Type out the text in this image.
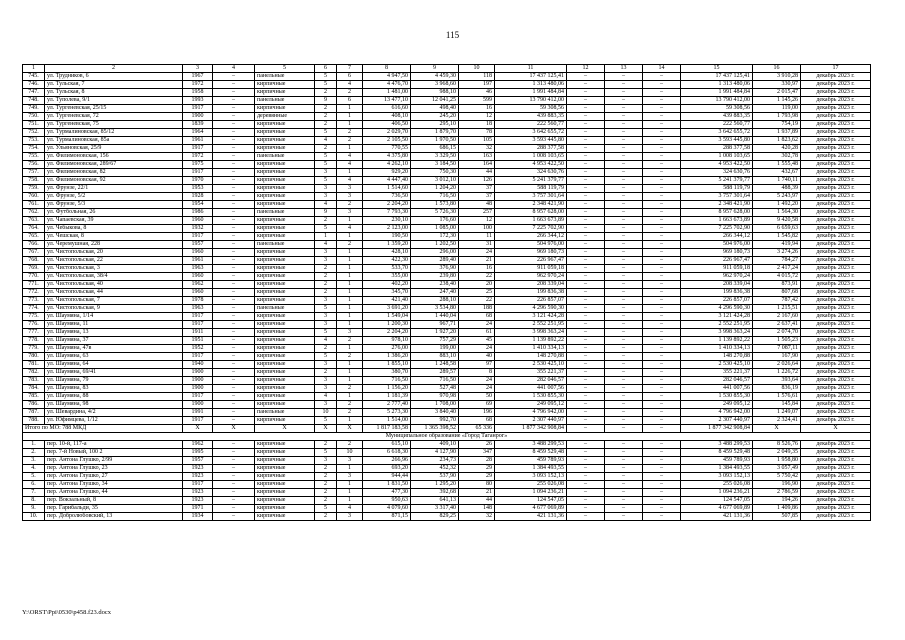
115
1	2	3	4	5	6	7	8	9	10	11	12	13	14	15	16	17
745.	ул. Трудников, 6	1967	–	панельные	5	6	4 947,50	4 459,30	118	17 437 125,41	–	–	–	17 437 125,41	3 910,28	декабрь 2023 г.
746.	ул. Тульская, 7	1972	–	кирпичные	5	4	4 476,70	3 968,60	197	1 313 480,06	–	–	–	1 313 480,06	330,97	декабрь 2023 г.
747.	ул. Тульская, 8	1958	–	кирпичные	2	2	1 481,00	988,10	46	1 991 484,84	–	–	–	1 991 484,84	2 015,47	декабрь 2023 г.
748.	ул. Туполева, 9/1	1993	–	панельные	9	6	13 477,10	12 041,25	599	13 790 412,00	–	–	–	13 790 412,00	1 145,26	декабрь 2023 г.
749.	ул. Тургеневская, 25/15	1917	–	кирпичные	2	1	616,60	498,40	16	59 308,56	–	–	–	59 308,56	119,00	декабрь 2023 г.
750.	ул. Тургеневская, 72	1900	–	деревянные	2	1	408,10	245,20	12	439 883,35	–	–	–	439 883,35	1 793,98	декабрь 2023 г.
751.	ул. Тургеневская, 75	1839	–	кирпичные	2	1	406,50	295,10	18	222 560,77	–	–	–	222 560,77	754,19	декабрь 2023 г.
752.	ул. Турмалиновская, 85/12	1964	–	кирпичные	5	2	2 029,70	1 879,70	78	3 642 655,72	–	–	–	3 642 655,72	1 937,89	декабрь 2023 г.
753.	ул. Турмалиновская, 85а	1961	–	кирпичные	4	2	2 105,50	1 970,50	105	3 593 445,80	–	–	–	3 593 445,80	1 823,62	декабрь 2023 г.
754.	ул. Ульяновская, 25/9	1917	–	кирпичные	2	1	770,55	686,15	32	288 377,58	–	–	–	288 377,58	420,28	декабрь 2023 г.
755.	ул. Филимоновская, 156	1972	–	панельные	5	4	4 375,80	3 329,50	163	1 008 103,65	–	–	–	1 008 103,65	302,78	декабрь 2023 г.
756.	ул. Филимоновская, 289/67	1975	–	кирпичные	5	4	4 262,10	3 184,50	164	4 953 422,50	–	–	–	4 953 422,50	1 555,48	декабрь 2023 г.
757.	ул. Филимоновская, 82	1917	–	кирпичные	3	1	929,20	750,30	44	324 630,76	–	–	–	324 630,76	432,67	декабрь 2023 г.
758.	ул. Филимоновская, 92	1970	–	кирпичные	5	4	4 447,40	3 012,10	126	5 241 379,77	–	–	–	5 241 379,77	1 740,11	декабрь 2023 г.
759.	ул. Фрунзе, 22/1	1953	–	кирпичные	3	3	1 514,60	1 204,20	37	588 119,79	–	–	–	588 119,79	488,39	декабрь 2023 г.
760.	ул. Фрунзе, 5/2	1928	–	кирпичные	3	3	736,50	716,50	37	3 757 301,64	–	–	–	3 757 301,64	5 243,97	декабрь 2023 г.
761.	ул. Фрунзе, 5/3	1954	–	кирпичные	4	2	2 204,20	1 573,80	48	2 348 421,90	–	–	–	2 348 421,90	1 492,20	декабрь 2023 г.
762.	ул. Футбольная, 26	1986	–	панельные	9	3	7 793,30	5 726,30	257	8 957 628,00	–	–	–	8 957 628,00	1 564,30	декабрь 2023 г.
763.	ул. Чапаевская, 39	1960	–	кирпичные	2	1	230,10	176,60	12	1 663 673,89	–	–	–	1 663 673,89	9 420,58	декабрь 2023 г.
764.	ул. Чебыкова, 8	1932	–	кирпичные	5	4	2 123,00	1 085,00	100	7 225 702,90	–	–	–	7 225 702,90	6 659,63	декабрь 2023 г.
765.	ул. Чешская, 8	1917	–	кирпичные	1	1	190,50	172,30	11	266 344,12	–	–	–	266 344,12	1 545,82	декабрь 2023 г.
766.	ул. Черемушная, 228	1957	–	панельные	4	2	1 359,20	1 202,50	31	504 976,00	–	–	–	504 976,00	419,94	декабрь 2023 г.
767.	ул. Чистопольская, 20	1960	–	кирпичные	3	1	428,10	296,00	24	969 180,73	–	–	–	969 180,73	3 274,26	декабрь 2023 г.
768.	ул. Чистопольская, 22	1961	–	кирпичные	3	1	422,30	289,40	21	226 967,47	–	–	–	226 967,47	784,27	декабрь 2023 г.
769.	ул. Чистопольская, 3	1963	–	кирпичные	2	1	533,70	376,90	16	911 059,18	–	–	–	911 059,18	2 417,24	декабрь 2023 г.
770.	ул. Чистопольская, 38/4	1960	–	кирпичные	2	1	355,00	239,80	22	962 970,24	–	–	–	962 970,24	4 015,72	декабрь 2023 г.
771.	ул. Чистопольская, 40	1962	–	кирпичные	2	1	402,20	238,40	20	208 339,04	–	–	–	208 339,04	873,91	декабрь 2023 г.
772.	ул. Чистопольская, 44	1960	–	кирпичные	2	1	345,70	247,40	25	199 836,38	–	–	–	199 836,38	807,68	декабрь 2023 г.
773.	ул. Чистопольская, 7	1978	–	кирпичные	3	1	421,40	288,10	22	226 857,07	–	–	–	226 857,07	787,42	декабрь 2023 г.
774.	ул. Чистопольская, 9	1963	–	панельные	5	1	3 691,20	3 534,80	188	4 296 590,30	–	–	–	4 296 590,30	1 215,51	декабрь 2023 г.
775.	ул. Шаумяна, 1/14	1917	–	кирпичные	3	1	1 549,04	1 440,04	68	3 121 424,28	–	–	–	3 121 424,28	2 167,60	декабрь 2023 г.
776.	ул. Шаумяна, 11	1917	–	кирпичные	3	1	1 200,30	967,71	24	2 552 251,95	–	–	–	2 552 251,95	2 637,41	декабрь 2023 г.
777.	ул. Шаумяна, 13	1911	–	кирпичные	5	3	2 204,20	1 927,20	61	3 998 363,24	–	–	–	3 998 363,24	2 074,70	декабрь 2023 г.
778.	ул. Шаумяна, 37	1951	–	кирпичные	4	2	978,10	757,29	45	1 139 892,22	–	–	–	1 139 892,22	1 505,23	декабрь 2023 г.
779.	ул. Шаумяна, 47в	1952	–	кирпичные	2	1	276,00	199,00	24	1 410 334,13	–	–	–	1 410 334,13	7 087,11	декабрь 2023 г.
780.	ул. Шаумяна, 63	1917	–	кирпичные	5	2	1 386,20	883,10	40	148 270,88	–	–	–	148 270,88	167,90	декабрь 2023 г.
781.	ул. Шаумяна, 64	1940	–	кирпичные	3	1	1 855,10	1 248,58	97	2 530 425,10	–	–	–	2 530 425,10	2 026,64	декабрь 2023 г.
782.	ул. Шаумяна, 69/41	1900	–	кирпичные	2	1	380,70	289,57	8	355 221,37	–	–	–	355 221,37	1 226,72	декабрь 2023 г.
783.	ул. Шаумяна, 79	1900	–	кирпичные	3	1	716,50	716,50	24	282 046,57	–	–	–	282 046,57	393,64	декабрь 2023 г.
784.	ул. Шаумяна, 83	1900	–	кирпичные	3	2	1 156,20	527,48	24	441 007,56	–	–	–	441 007,56	836,19	декабрь 2023 г.
785.	ул. Шаумяна, 88	1917	–	кирпичные	4	1	1 181,39	970,98	50	1 530 855,30	–	–	–	1 530 855,30	1 576,61	декабрь 2023 г.
786.	ул. Шаумяна, 98	1900	–	кирпичные	3	2	2 777,40	1 708,00	69	249 095,12	–	–	–	249 095,12	145,84	декабрь 2023 г.
787.	ул. Шевардина, 4/2	1991	–	панельные	10	2	5 273,30	3 840,40	196	4 796 942,00	–	–	–	4 796 942,00	1 249,07	декабрь 2023 г.
788.	ул. Юфимцева, 1/12	1917	–	кирпичные	5	1	1 514,00	992,70	68	2 307 440,97	–	–	–	2 307 440,97	2 324,41	декабрь 2023 г.
Итого по МО: 788 МКД		X	X	X	X	X	1 817 183,58	1 365 398,52	65 336	1 877 342 908,84	–	–	–	1 877 342 908,84	X	X
Муниципальное образование «Город Таганрог»																
1.	пер. 10-й, 117-а	1962	–	кирпичные	2	2	615,10	409,10	26	3 488 299,53	–	–	–	3 488 299,53	8 526,76	декабрь 2023 г.
2.	пер. 7-й Новый, 100 2	1995	–	кирпичные	5	10	6 618,30	4 127,90	347	8 459 529,48	–	–	–	8 459 529,48	2 049,35	декабрь 2023 г.
3.	пер. Антона Глушко, 2/99	1957	–	кирпичные	3	3	266,96	234,73	28	459 789,93	–	–	–	459 789,93	1 958,80	декабрь 2023 г.
4.	пер. Антона Глушко, 23	1923	–	кирпичные	2	1	693,20	452,32	29	1 384 493,55	–	–	–	1 384 493,55	3 057,49	декабрь 2023 г.
5.	пер. Антона Глушко, 27	1923	–	кирпичные	2	3	944,44	537,90	29	3 093 152,13	–	–	–	3 093 152,13	5 750,42	декабрь 2023 г.
6.	пер. Антона Глушко, 34	1917	–	кирпичные	2	1	1 831,50	1 295,20	80	255 026,08	–	–	–	255 026,08	196,90	декабрь 2023 г.
7.	пер. Антона Глушко, 44	1923	–	кирпичные	2	1	477,30	392,68	21	1 094 236,21	–	–	–	1 094 236,21	2 786,59	декабрь 2023 г.
8.	пер. Вокзальный, 8	1923	–	кирпичные	2	1	950,63	641,13	44	124 547,05	–	–	–	124 547,05	194,26	декабрь 2023 г.
9.	пер. Гарибальди, 35	1971	–	кирпичные	5	4	4 079,60	3 317,40	148	4 677 069,89	–	–	–	4 677 069,89	1 409,86	декабрь 2023 г.
10.	пер. Добролюбовский, 13	1934	–	кирпичные	2	3	871,15	829,25	32	421 131,36	–	–	–	421 131,36	507,85	декабрь 2023 г.
Y:\ORST\Ppi\0530\p458.f23.docx
